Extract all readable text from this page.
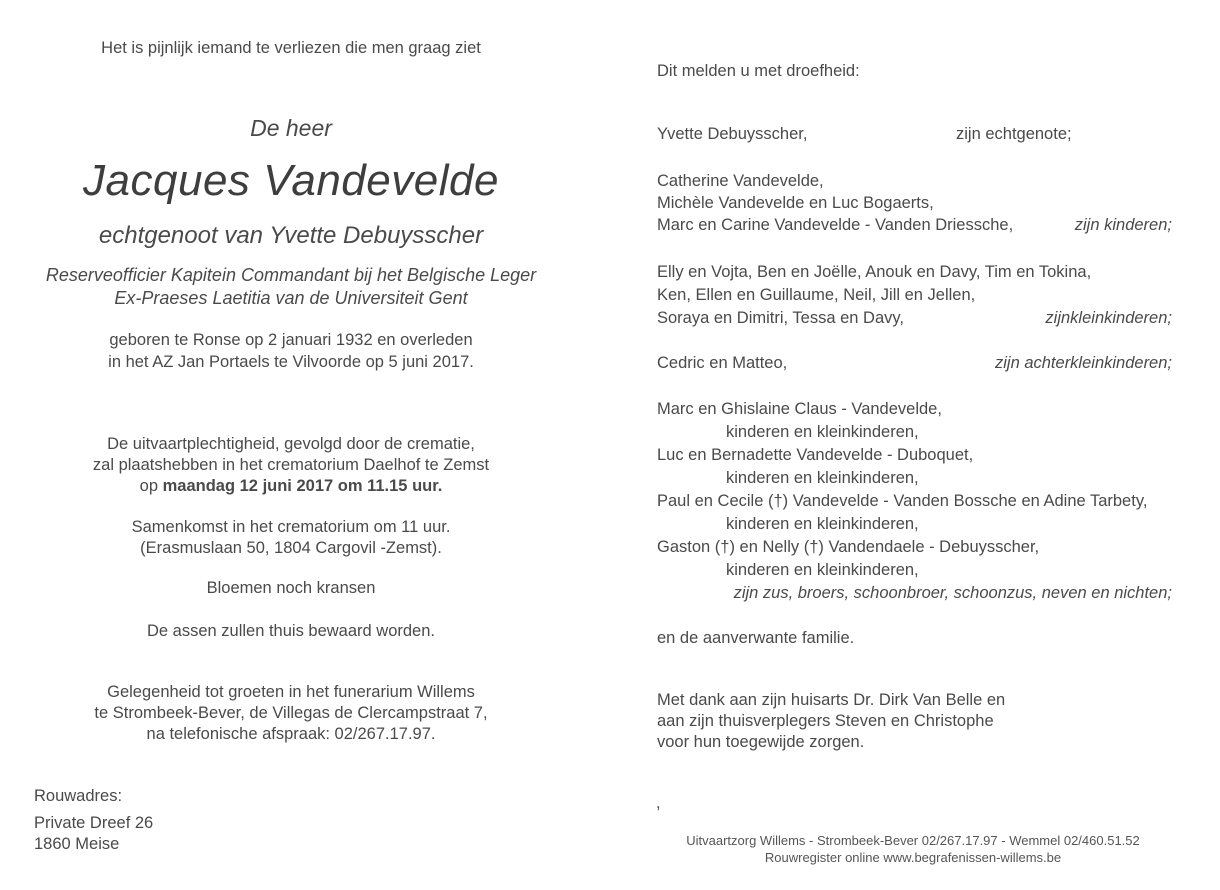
Het is pijnlijk iemand te verliezen die men graag ziet
De heer
Jacques Vandevelde
echtgenoot van Yvette Debuysscher
Reserveofficier Kapitein Commandant bij het Belgische Leger
Ex-Praeses Laetitia van de Universiteit Gent
geboren te Ronse op 2 januari 1932 en overleden
in het AZ Jan Portaels te Vilvoorde op 5 juni 2017.
De uitvaartplechtigheid, gevolgd door de crematie,
zal plaatshebben in het crematorium Daelhof te Zemst
op maandag 12 juni 2017 om 11.15 uur.
Samenkomst in het crematorium om 11 uur.
(Erasmuslaan 50, 1804 Cargovil -Zemst).
Bloemen noch kransen
De assen zullen thuis bewaard worden.
Gelegenheid tot groeten in het funerarium Willems
te Strombeek-Bever, de Villegas de Clercampstraat 7,
na telefonische afspraak: 02/267.17.97.
Rouwadres:
Private Dreef 26
1860 Meise
Dit melden u met droefheid:
Yvette Debuysscher,	zijn echtgenote;
Catherine Vandevelde,
Michèle Vandevelde en Luc Bogaerts,
Marc en Carine Vandevelde - Vanden Driessche,	zijn kinderen;
Elly en Vojta, Ben en Joëlle, Anouk en Davy, Tim en Tokina,
Ken, Ellen en Guillaume, Neil, Jill en Jellen,
Soraya en Dimitri, Tessa en Davy,	zijnkleinkinderen;
Cedric en Matteo,	zijn achterkleinkinderen;
Marc en Ghislaine Claus - Vandevelde,
kinderen en kleinkinderen,
Luc en Bernadette Vandevelde - Duboquet,
kinderen en kleinkinderen,
Paul en Cecile (†) Vandevelde - Vanden Bossche en Adine Tarbety,
kinderen en kleinkinderen,
Gaston (†) en Nelly (†) Vandendaele - Debuysscher,
kinderen en kleinkinderen,
zijn zus, broers, schoonbroer, schoonzus, neven en nichten;
en de aanverwante familie.
Met dank aan zijn huisarts Dr. Dirk Van Belle en
aan zijn thuisverplegers Steven en Christophe
voor hun toegewijde zorgen.
,
Uitvaartzorg Willems - Strombeek-Bever 02/267.17.97 - Wemmel 02/460.51.52
Rouwregister online www.begrafenissen-willems.be
